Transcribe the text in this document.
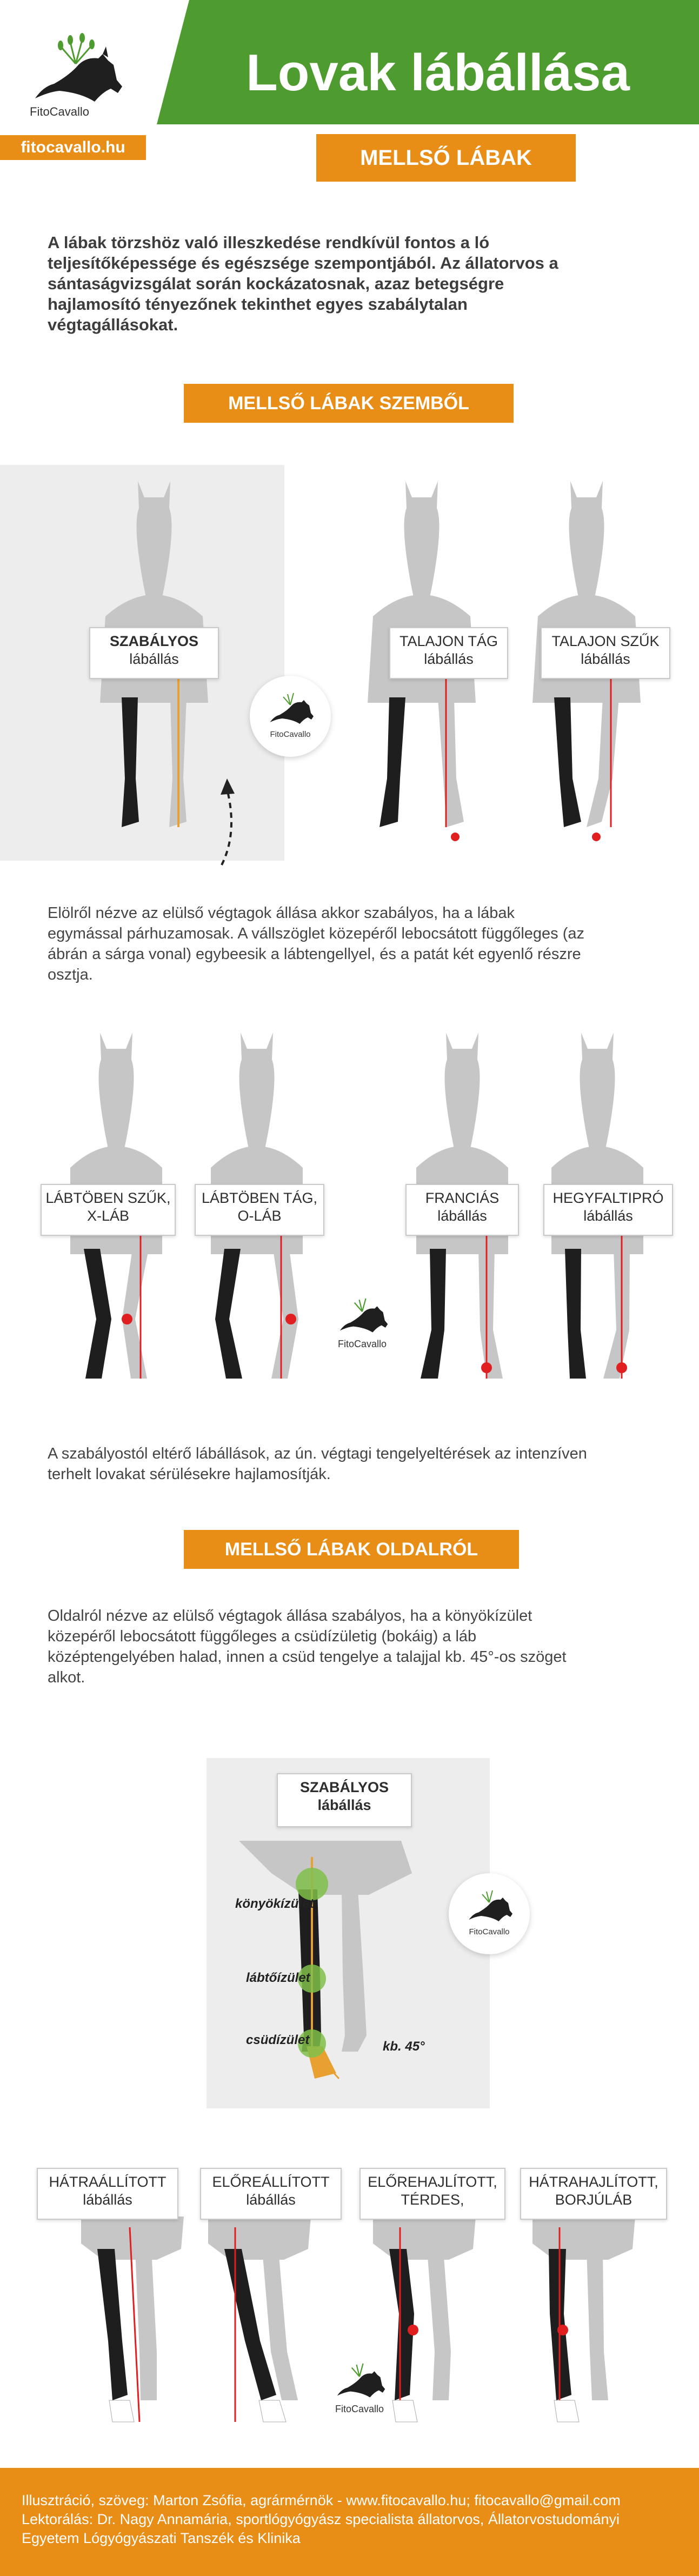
Lovak lábállása
FitoCavallo
fitocavallo.hu	MELLSŐ LÁBAK
A lábak törzshöz való illeszkedése rendkívül fontos a ló teljesítőképessége és egészsége szempontjából. Az állatorvos a sántaságvizsgálat során kockázatosnak, azaz betegségre hajlamosító tényezőnek tekinthet egyes szabálytalan végtagállásokat.
MELLSŐ LÁBAK SZEMBŐL
SZABÁLYOS
lábállás
TALAJON TÁG
lábállás
TALAJON SZŰK
lábállás
FitoCavallo
Elölről nézve az elülső végtagok állása akkor szabályos, ha a lábak egymással párhuzamosak. A vállszöglet közepéről lebocsátott függőleges (az ábrán a sárga vonal) egybeesik a lábtengellyel, és a patát két egyenlő részre osztja.
LÁBTÖBEN SZŰK,
X-LÁB
LÁBTÖBEN TÁG,
O-LÁB
FRANCIÁS
lábállás
HEGYFALTIPRÓ
lábállás
FitoCavallo
A szabályostól eltérő lábállások, az ún. végtagi tengelyeltérések az intenzíven terhelt lovakat sérülésekre hajlamosítják.
MELLSŐ LÁBAK OLDALRÓL
Oldalról nézve az elülső végtagok állása szabályos, ha a könyökízület közepéről lebocsátott függőleges a csüdízületig (bokáig) a láb középtengelyében halad, innen a csüd tengelye a talajjal kb. 45°-os szöget alkot.
SZABÁLYOS
lábállás
könyökízület
lábtőízület
csüdízület	kb. 45°
FitoCavallo
HÁTRAÁLLÍTOTT
lábállás
ELŐREÁLLÍTOTT
lábállás
ELŐREHAJLÍTOTT,
TÉRDES,
HÁTRAHAJLÍTOTT,
BORJÚLÁB
FitoCavallo
Illusztráció, szöveg: Marton Zsófia, agrármérnök - www.fitocavallo.hu; fitocavallo@gmail.com
Lektorálás: Dr. Nagy Annamária, sportlógyógyász specialista állatorvos, Állatorvostudományi
Egyetem Lógyógyászati Tanszék és Klinika
